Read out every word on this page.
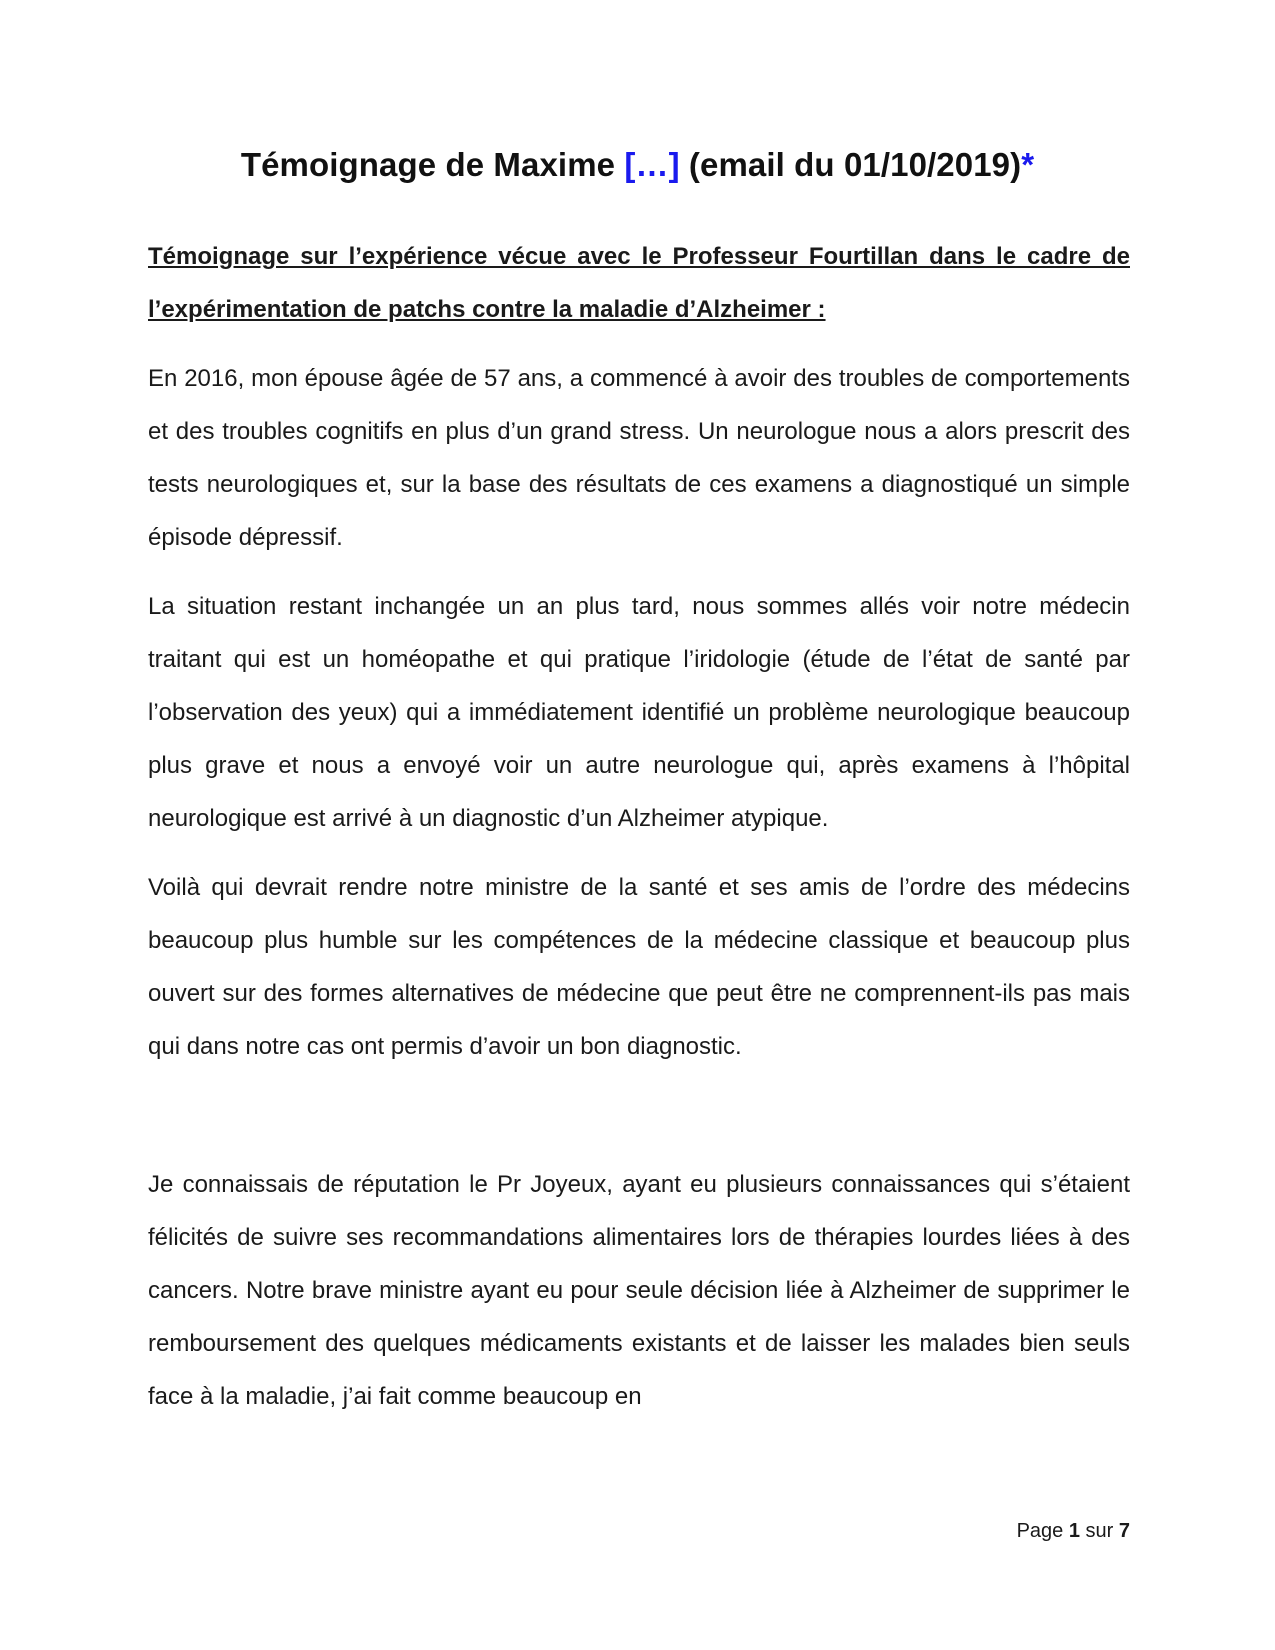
Témoignage de Maxime […] (email du 01/10/2019)*

Témoignage sur l’expérience vécue avec le Professeur Fourtillan dans le cadre de l’expérimentation de patchs contre la maladie d’Alzheimer :

En 2016, mon épouse âgée de 57 ans, a commencé à avoir des troubles de comportements et des troubles cognitifs en plus d’un grand stress. Un neurologue nous a alors prescrit des tests neurologiques et, sur la base des résultats de ces examens a diagnostiqué un simple épisode dépressif.

La situation restant inchangée un an plus tard, nous sommes allés voir notre médecin traitant qui est un homéopathe et qui pratique l’iridologie (étude de l’état de santé par l’observation des yeux) qui a immédiatement identifié un problème neurologique beaucoup plus grave et nous a envoyé voir un autre neurologue qui, après examens à l’hôpital neurologique est arrivé à un diagnostic d’un Alzheimer atypique.

Voilà qui devrait rendre notre ministre de la santé et ses amis de l’ordre des médecins beaucoup plus humble sur les compétences de la médecine classique et beaucoup plus ouvert sur des formes alternatives de médecine que peut être ne comprennent-ils pas mais qui dans notre cas ont permis d’avoir un bon diagnostic.

Je connaissais de réputation le Pr Joyeux, ayant eu plusieurs connaissances qui s’étaient félicités de suivre ses recommandations alimentaires lors de thérapies lourdes liées à des cancers. Notre brave ministre ayant eu pour seule décision liée à Alzheimer de supprimer le remboursement des quelques médicaments existants et de laisser les malades bien seuls face à la maladie, j’ai fait comme beaucoup en

Page 1 sur 7
